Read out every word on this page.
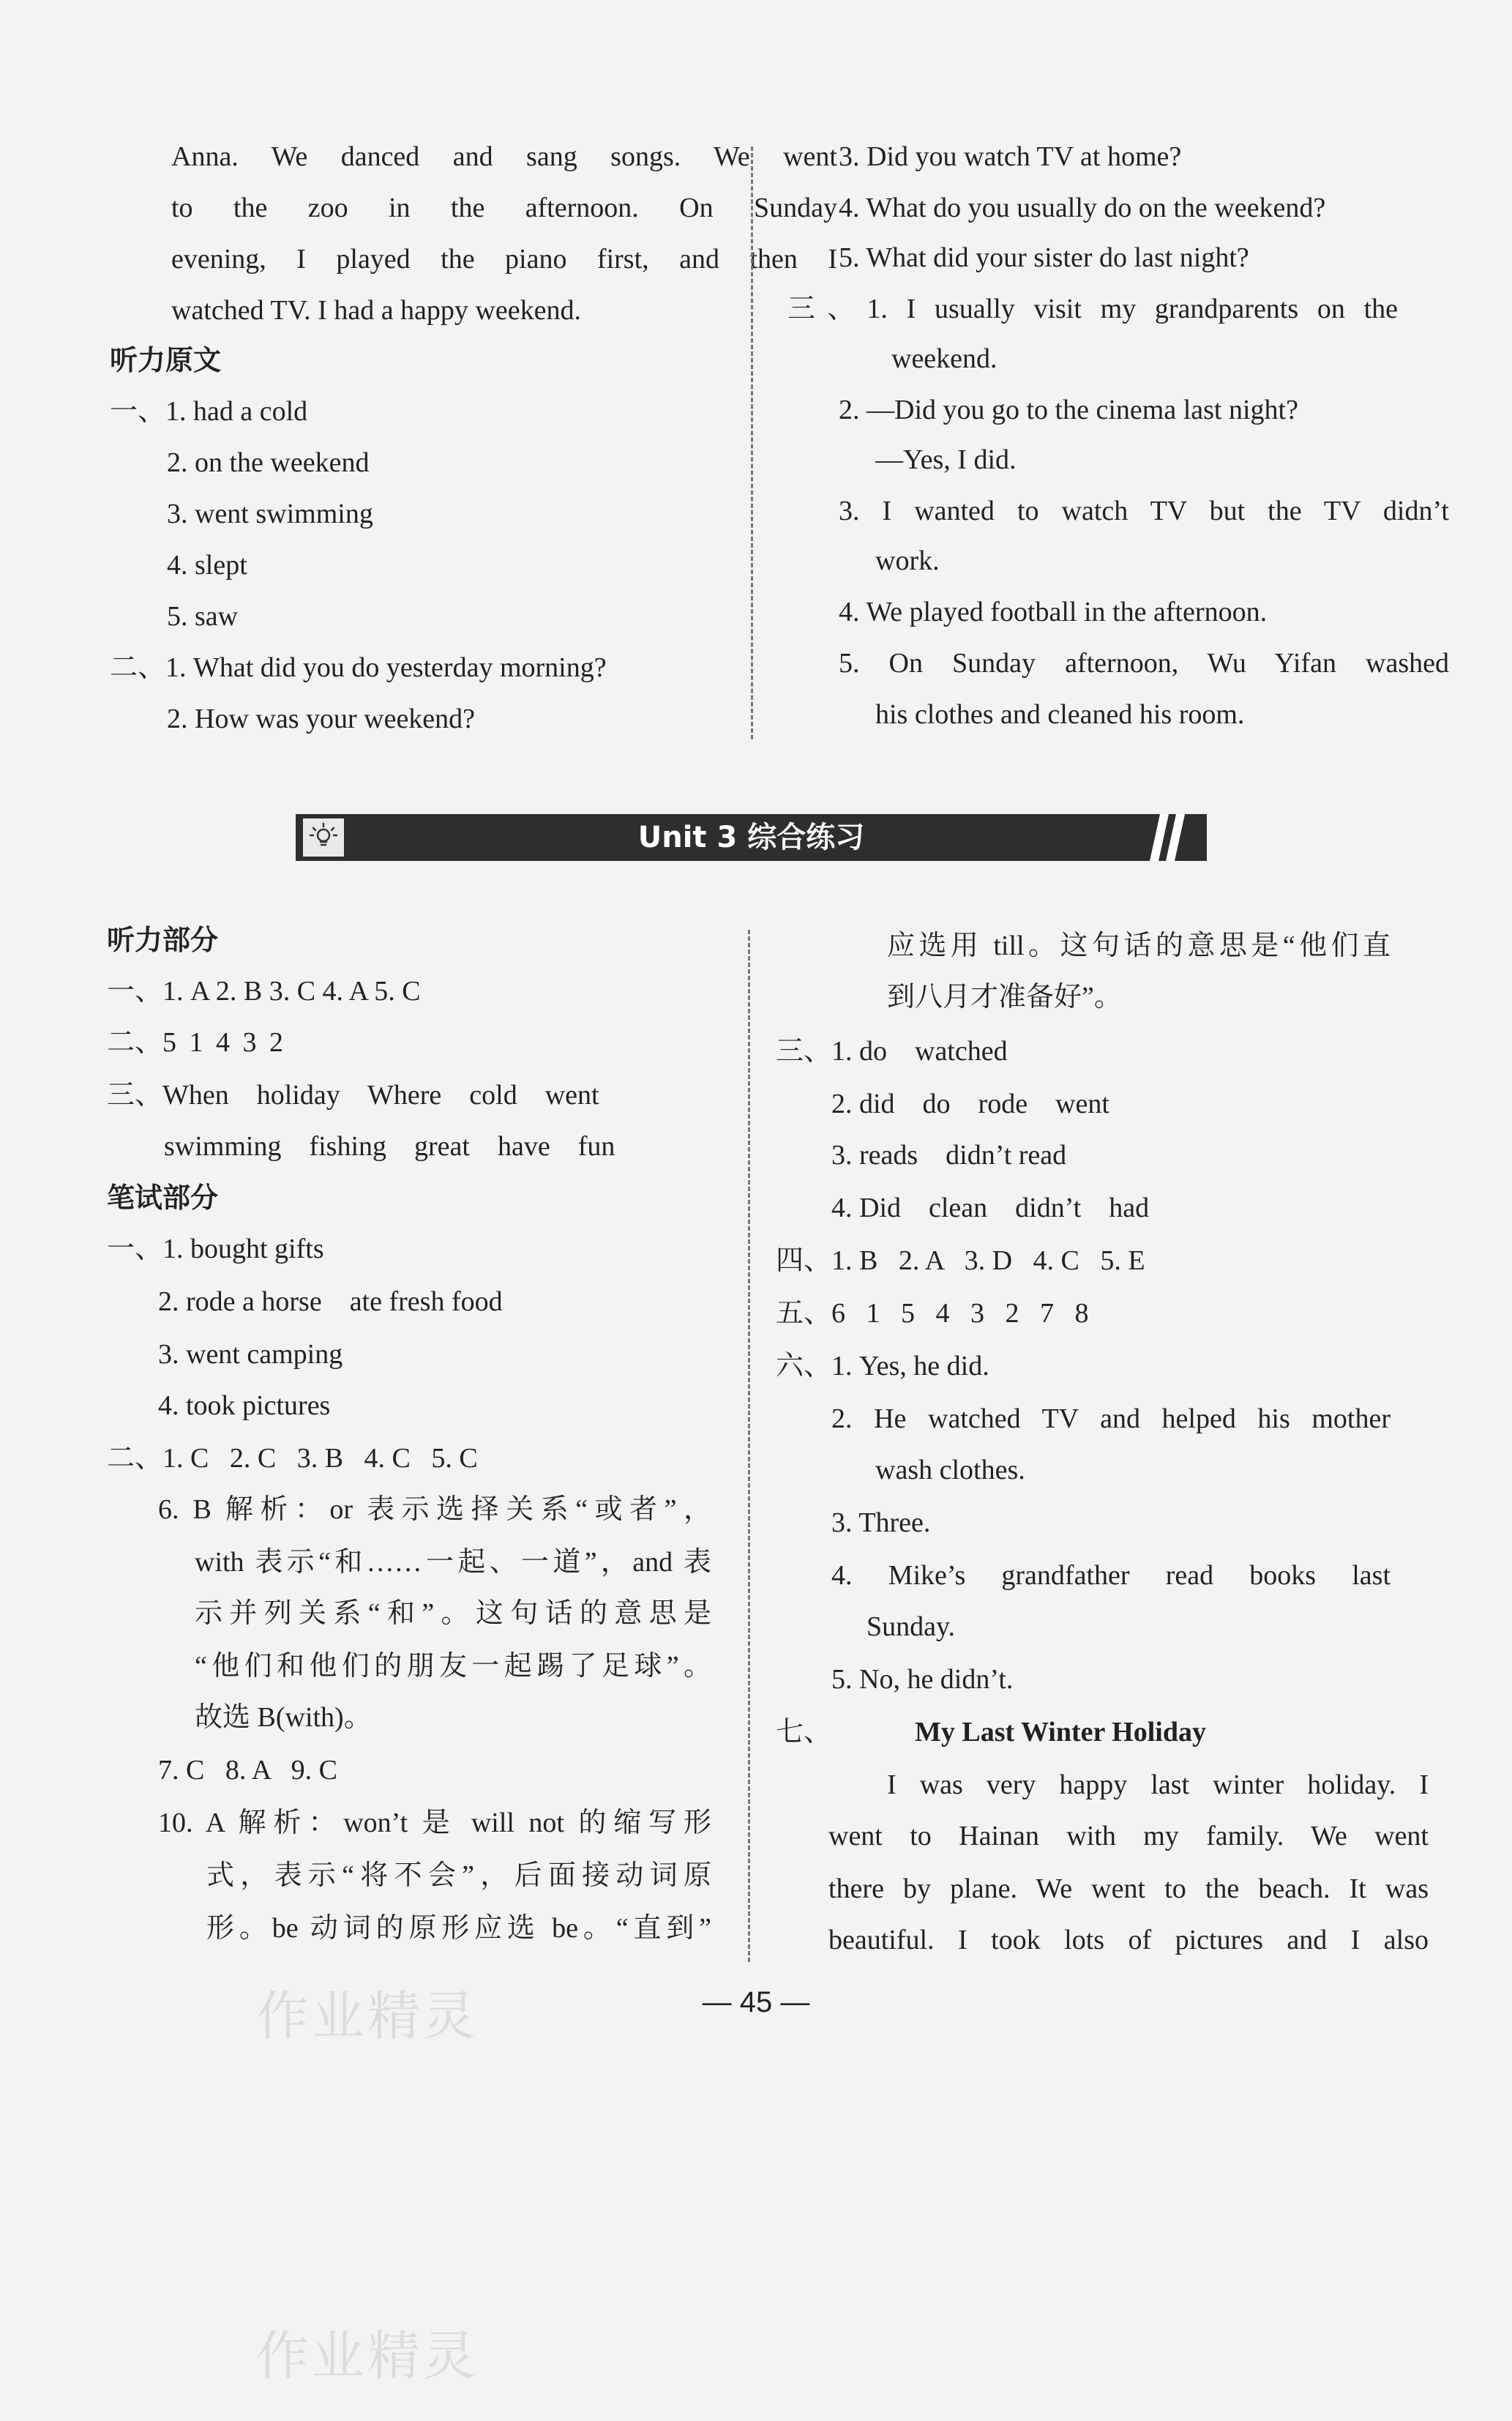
Anna. We danced and sang songs. We went
to the zoo in the afternoon. On Sunday
evening, I played the piano first, and then I
watched TV. I had a happy weekend.
听力原文
一、1. had a cold
2. on the weekend
3. went swimming
4. slept
5. saw
二、1. What did you do yesterday morning?
2. How was your weekend?
3. Did you watch TV at home?
4. What do you usually do on the weekend?
5. What did your sister do last night?
三、1. I usually visit my grandparents on the
weekend.
2. —Did you go to the cinema last night?
—Yes, I did.
3. I wanted to watch TV but the TV didn’t
work.
4. We played football in the afternoon.
5. On Sunday afternoon, Wu Yifan washed
his clothes and cleaned his room.
Unit 3 综合练习
听力部分
一、1. A 2. B 3. C 4. A 5. C
二、5 1 4 3 2
三、When    holiday    Where    cold    went
swimming    fishing    great    have    fun
笔试部分
一、1. bought gifts
2. rode a horse    ate fresh food
3. went camping
4. took pictures
二、1. C   2. C   3. B   4. C   5. C
6. B 解析：or 表示选择关系“或者”，
with 表示“和……一起、一道”，and 表
示并列关系“和”。这句话的意思是
“他们和他们的朋友一起踢了足球”。
故选 B(with)。
7. C   8. A   9. C
10. A 解析：won’t 是 will not 的缩写形
式，表示“将不会”，后面接动词原
形。be 动词的原形应选 be。“直到”
应选用 till。这句话的意思是“他们直
到八月才准备好”。
三、1. do    watched
2. did    do    rode    went
3. reads    didn’t read
4. Did    clean    didn’t    had
四、1. B   2. A   3. D   4. C   5. E
五、6   1   5   4   3   2   7   8
六、1. Yes, he did.
2. He watched TV and helped his mother
wash clothes.
3. Three.
4. Mike’s grandfather read books last
Sunday.
5. No, he didn’t.
七、	My Last Winter Holiday
I was very happy last winter holiday. I
went to Hainan with my family. We went
there by plane. We went to the beach. It was
beautiful. I took lots of pictures and I also
— 45 —
作业精灵
作业精灵
